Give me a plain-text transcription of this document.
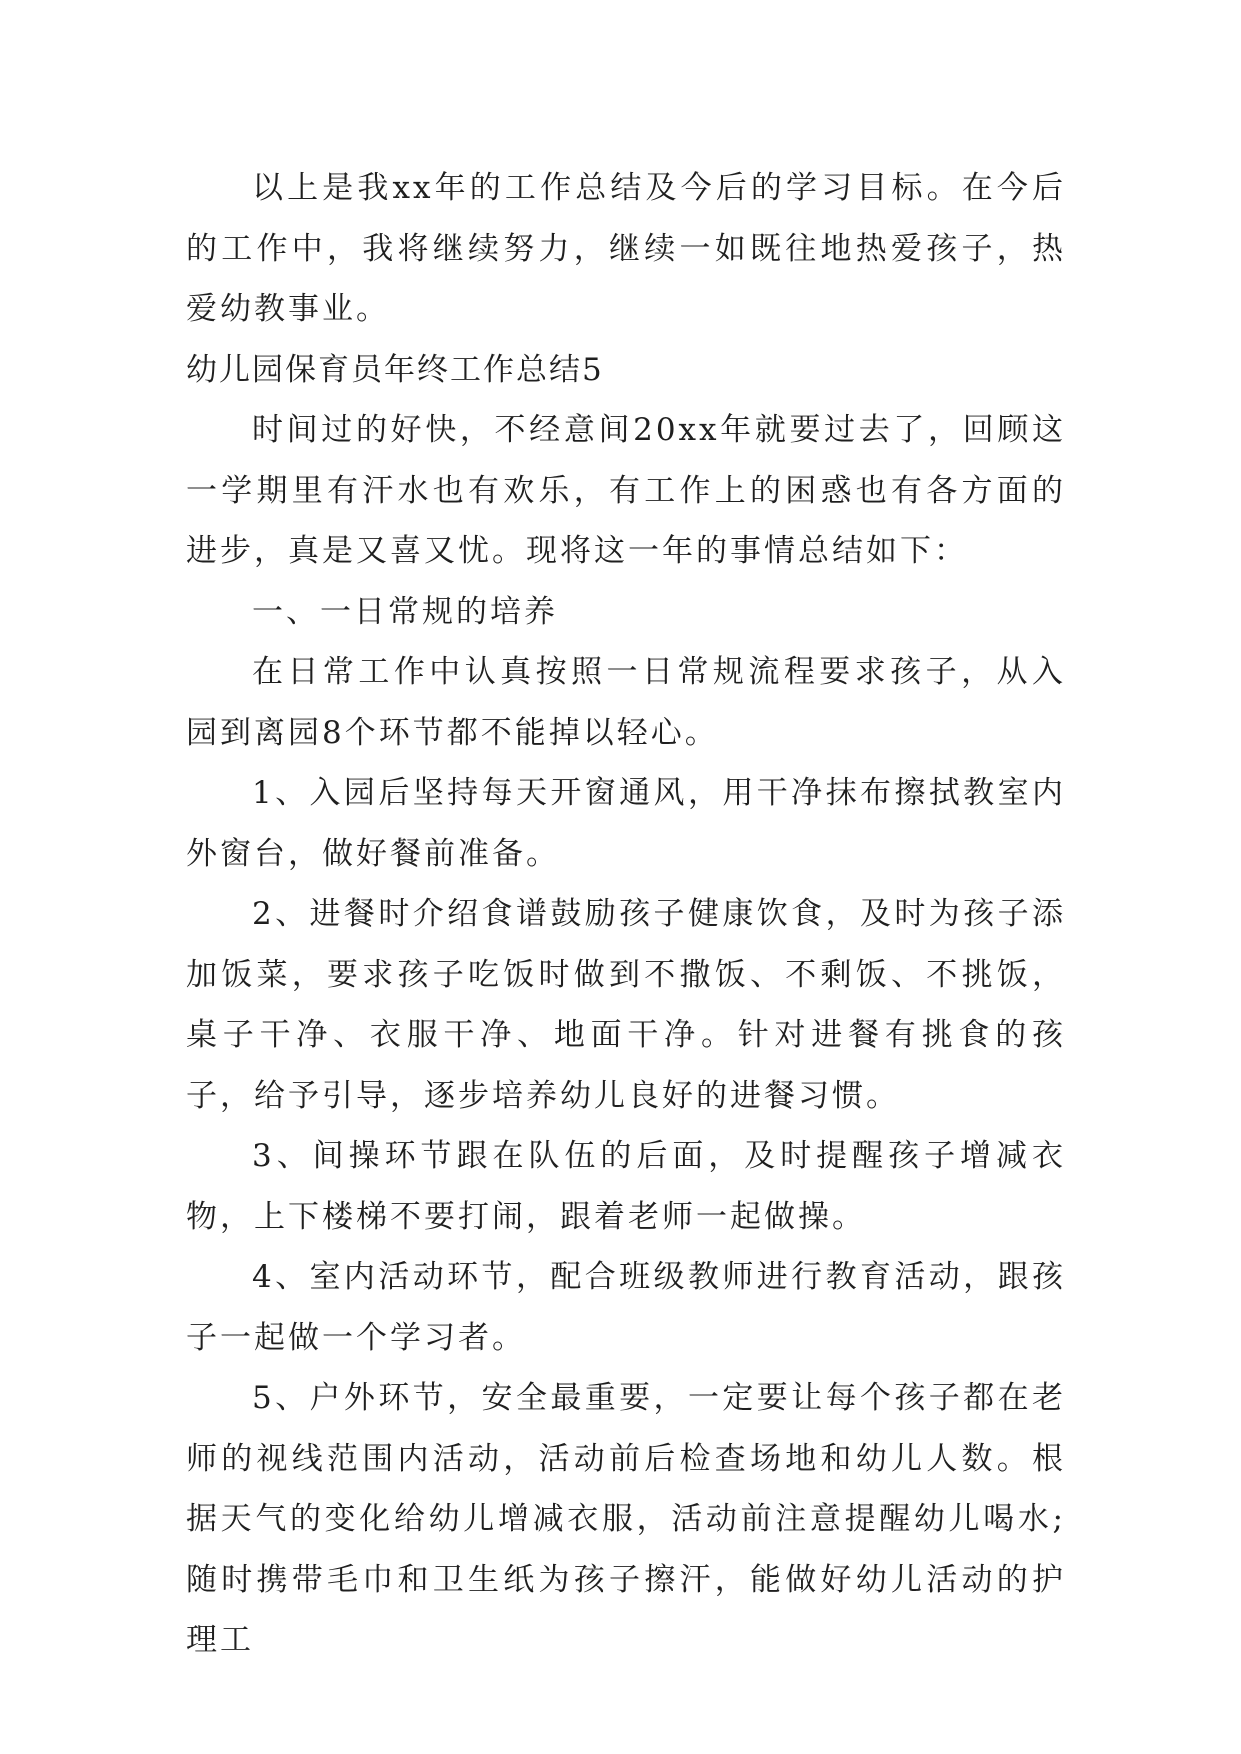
以上是我xx年的工作总结及今后的学习目标。在今后的工作中，我将继续努力，继续一如既往地热爱孩子，热爱幼教事业。

幼儿园保育员年终工作总结5

时间过的好快，不经意间20xx年就要过去了，回顾这一学期里有汗水也有欢乐，有工作上的困惑也有各方面的进步，真是又喜又忧。现将这一年的事情总结如下：

一、一日常规的培养

在日常工作中认真按照一日常规流程要求孩子，从入园到离园8个环节都不能掉以轻心。

1、入园后坚持每天开窗通风，用干净抹布擦拭教室内外窗台，做好餐前准备。

2、进餐时介绍食谱鼓励孩子健康饮食，及时为孩子添加饭菜，要求孩子吃饭时做到不撒饭、不剩饭、不挑饭，桌子干净、衣服干净、地面干净。针对进餐有挑食的孩子，给予引导，逐步培养幼儿良好的进餐习惯。

3、间操环节跟在队伍的后面，及时提醒孩子增减衣物，上下楼梯不要打闹，跟着老师一起做操。

4、室内活动环节，配合班级教师进行教育活动，跟孩子一起做一个学习者。

5、户外环节，安全最重要，一定要让每个孩子都在老师的视线范围内活动，活动前后检查场地和幼儿人数。根据天气的变化给幼儿增减衣服，活动前注意提醒幼儿喝水;随时携带毛巾和卫生纸为孩子擦汗，能做好幼儿活动的护理工
